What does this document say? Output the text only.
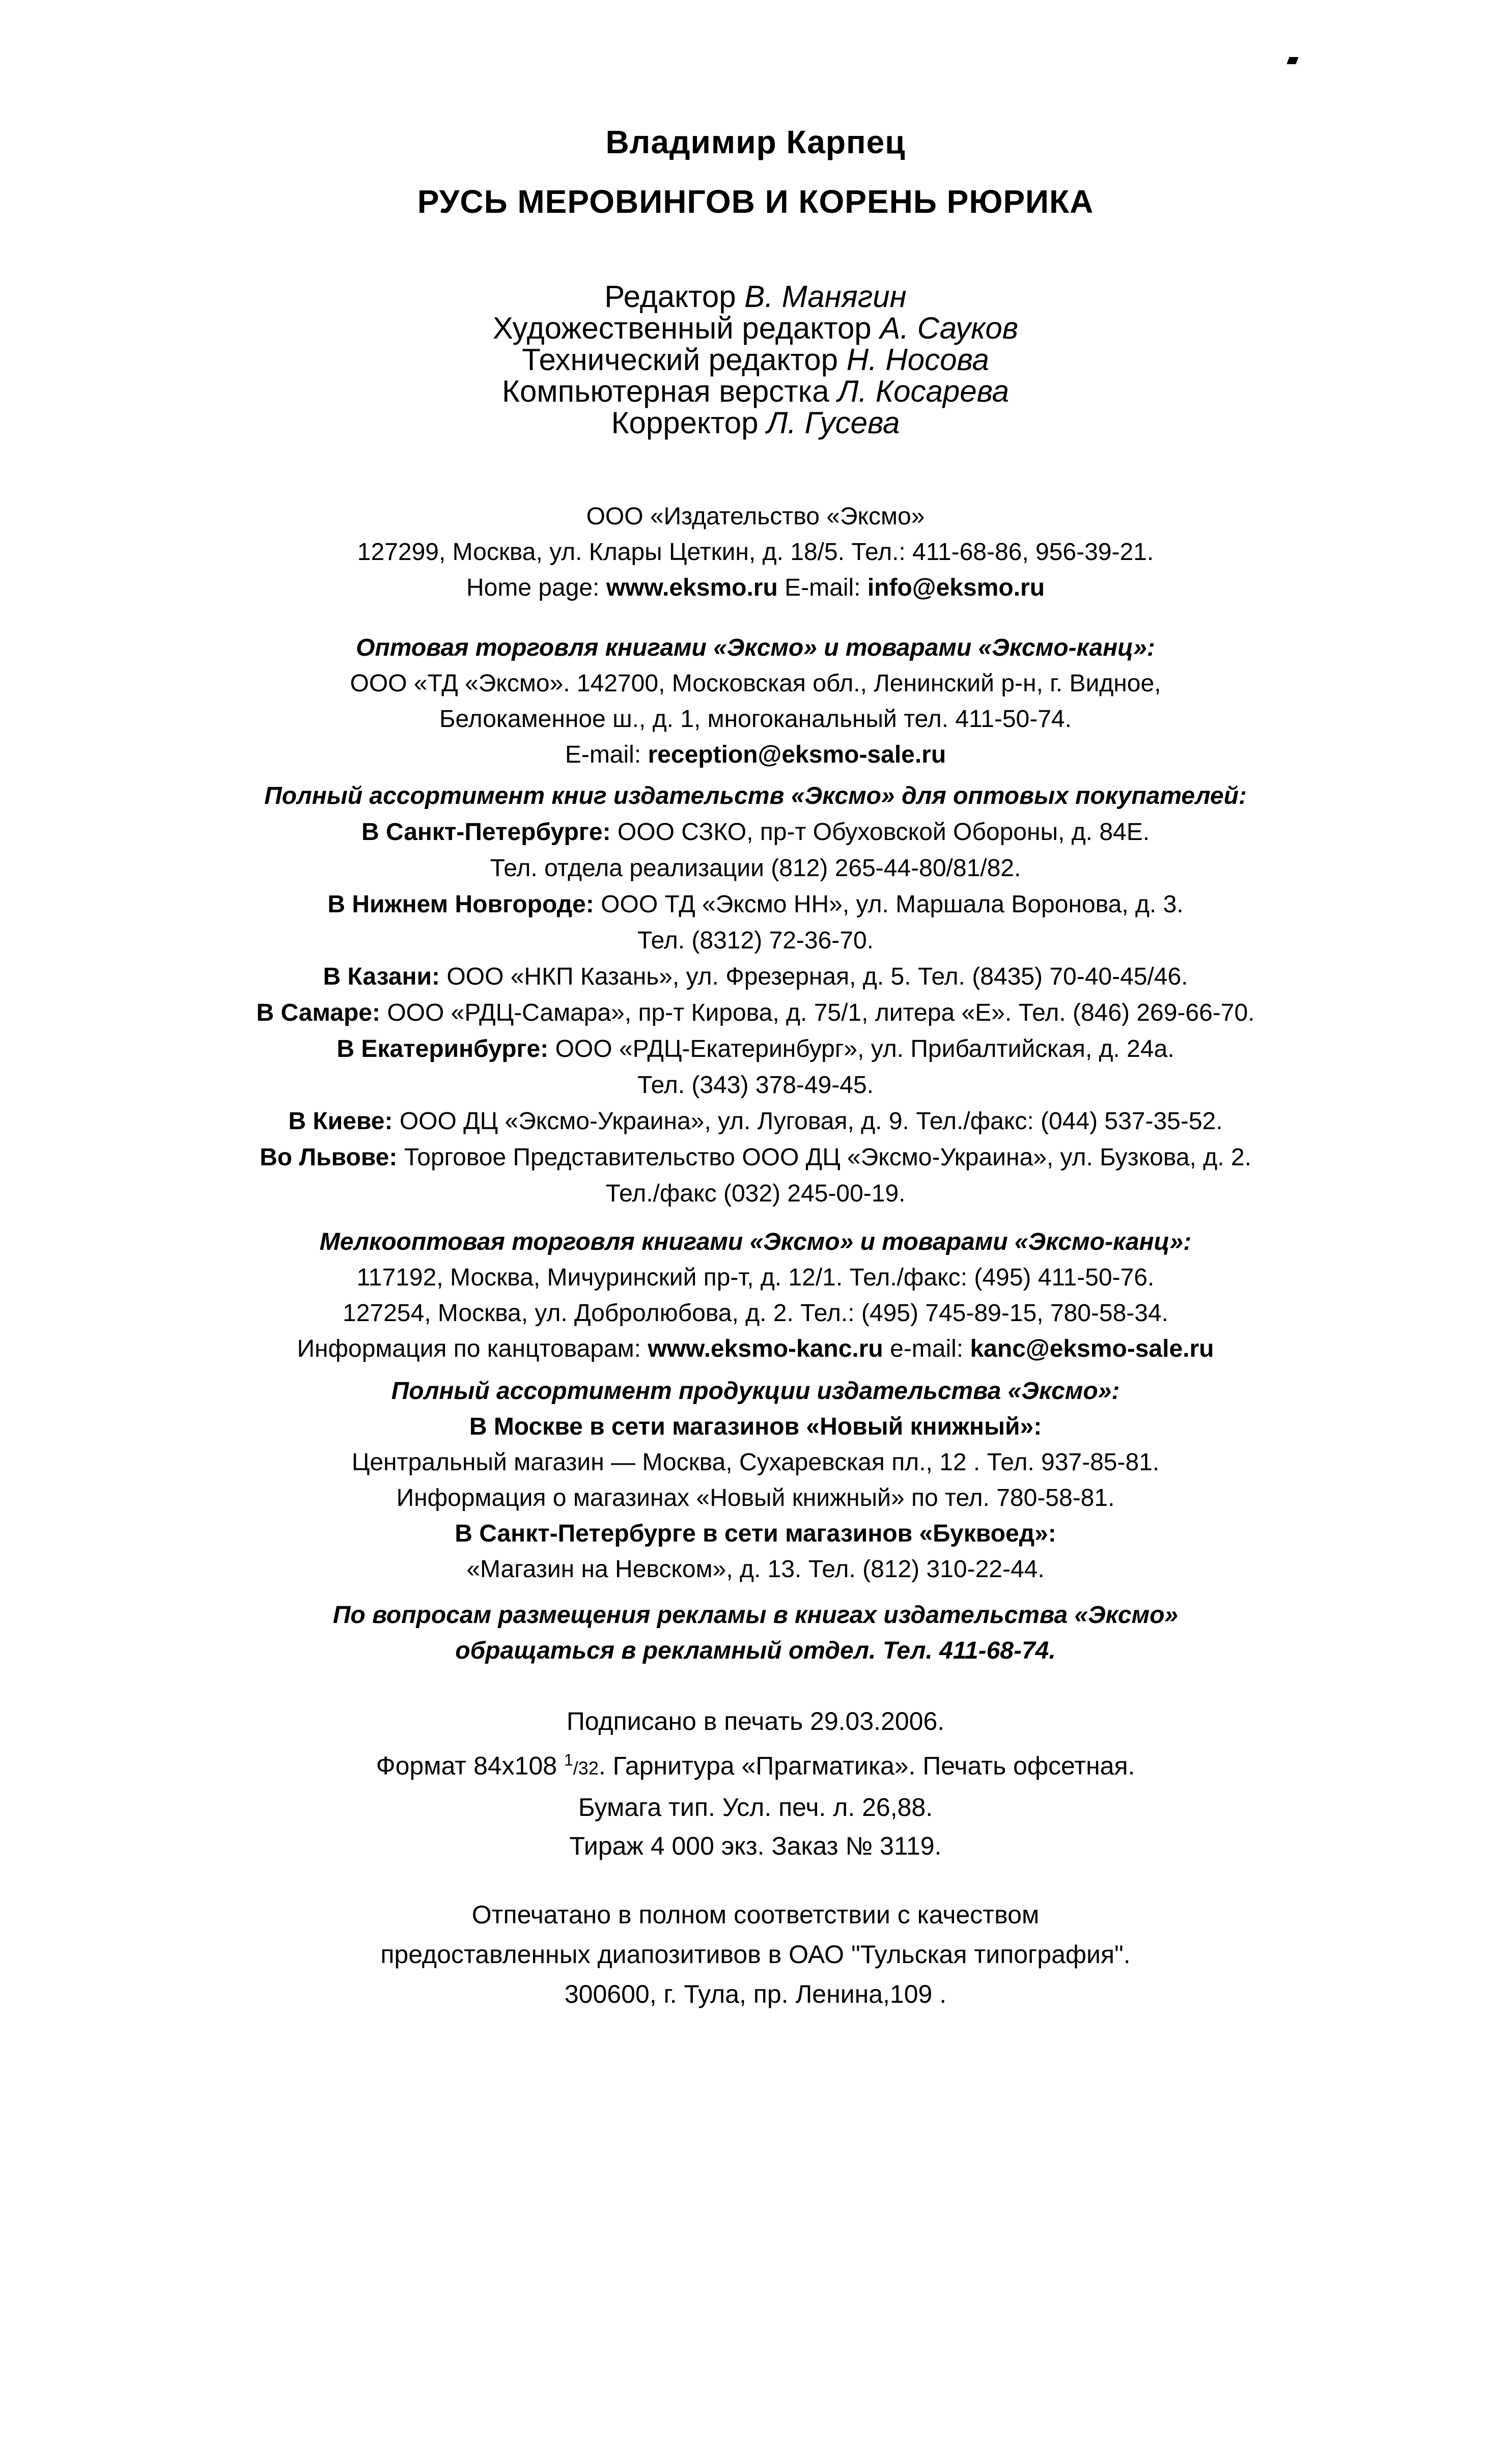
Владимир Карпец
РУСЬ МЕРОВИНГОВ И КОРЕНЬ РЮРИКА
Редактор В. Манягин
Художественный редактор А. Сауков
Технический редактор Н. Носова
Компьютерная верстка Л. Косарева
Корректор Л. Гусева
ООО «Издательство «Эксмо»
127299, Москва, ул. Клары Цеткин, д. 18/5. Тел.: 411-68-86, 956-39-21.
Home page: www.eksmo.ru E-mail: info@eksmo.ru
Оптовая торговля книгами «Эксмо» и товарами «Эксмо-канц»:
ООО «ТД «Эксмо». 142700, Московская обл., Ленинский р-н, г. Видное,
Белокаменное ш., д. 1, многоканальный тел. 411-50-74.
E-mail: reception@eksmo-sale.ru
Полный ассортимент книг издательств «Эксмо» для оптовых покупателей:
В Санкт-Петербурге: ООО СЗКО, пр-т Обуховской Обороны, д. 84Е.
Тел. отдела реализации (812) 265-44-80/81/82.
В Нижнем Новгороде: ООО ТД «Эксмо НН», ул. Маршала Воронова, д. 3.
Тел. (8312) 72-36-70.
В Казани: ООО «НКП Казань», ул. Фрезерная, д. 5. Тел. (8435) 70-40-45/46.
В Самаре: ООО «РДЦ-Самара», пр-т Кирова, д. 75/1, литера «Е». Тел. (846) 269-66-70.
В Екатеринбурге: ООО «РДЦ-Екатеринбург», ул. Прибалтийская, д. 24а.
Тел. (343) 378-49-45.
В Киеве: ООО ДЦ «Эксмо-Украина», ул. Луговая, д. 9. Тел./факс: (044) 537-35-52.
Во Львове: Торговое Представительство ООО ДЦ «Эксмо-Украина», ул. Бузкова, д. 2.
Тел./факс (032) 245-00-19.
Мелкооптовая торговля книгами «Эксмо» и товарами «Эксмо-канц»:
117192, Москва, Мичуринский пр-т, д. 12/1. Тел./факс: (495) 411-50-76.
127254, Москва, ул. Добролюбова, д. 2. Тел.: (495) 745-89-15, 780-58-34.
Информация по канцтоварам: www.eksmo-kanc.ru e-mail: kanc@eksmo-sale.ru
Полный ассортимент продукции издательства «Эксмо»:
В Москве в сети магазинов «Новый книжный»:
Центральный магазин — Москва, Сухаревская пл., 12 . Тел. 937-85-81.
Информация о магазинах «Новый книжный» по тел. 780-58-81.
В Санкт-Петербурге в сети магазинов «Буквоед»:
«Магазин на Невском», д. 13. Тел. (812) 310-22-44.
По вопросам размещения рекламы в книгах издательства «Эксмо»
обращаться в рекламный отдел. Тел. 411-68-74.
Подписано в печать 29.03.2006.
Формат 84x108 $^1$/32. Гарнитура «Прагматика». Печать офсетная.
Бумага тип. Усл. печ. л. 26,88.
Тираж 4 000 экз. Заказ № 3119.
Отпечатано в полном соответствии с качеством
предоставленных диапозитивов в ОАО "Тульская типография".
300600, г. Тула, пр. Ленина,109 .
